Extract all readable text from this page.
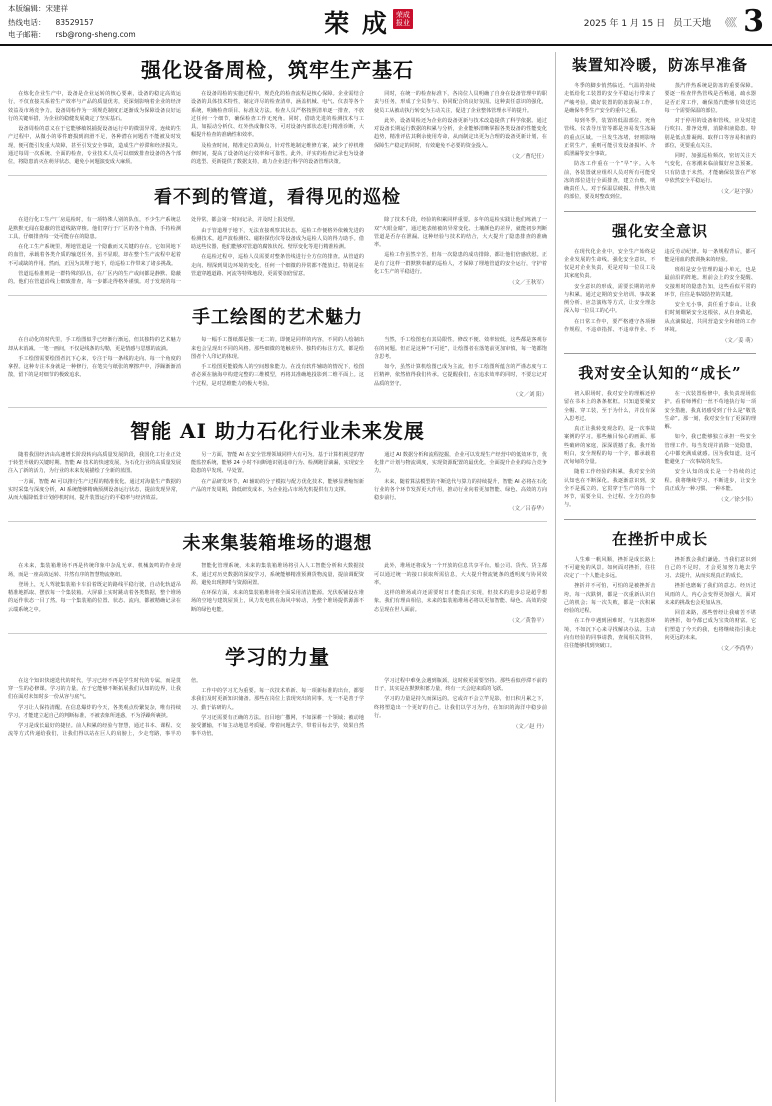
本版编辑：宋建祥
热线电话： 83529157
电子邮箱： rsb@rong-sheng.com	荣 成 荣成
报业	2025 年 1 月 15 日 员工天地 《《《 3
强化设备周检，筑牢生产基石

在炼化企业生产中，设备是企业运转的核心要素，设备的稳定高效运行，不仅直接关系着生产效率与产品的质量优劣，更深刻影响着企业的经济效益及市场竞争力。设备周检作为一项规范制度正逐渐成为保障设备良好运行的关键举措，为企业的稳健发展奠定了坚实基石。

设备周检的意义在于它能够敏锐捕捉设备运行中的微弱异常。连续的生产过程中，从微小的零件磨损到润滑不足，各种潜在问题若不能被及时发现，便可能引发重大故障，甚至引发安全事故，造成生产停滞和经济损失。通过每周一次系统、全面的检查，专业技术人员可以细致排查设备的各个部位，将隐患消灭在萌芽状态，避免小问题演变成大麻烦。

在设备周检的实施过程中，规范化的检查流程是核心保障。企业需结合设备的具体技术特性，制定详尽的检查清单，涵盖机械、电气、仪表等各个系统，明确检查项目、标准及方法。检查人员严格按照清单逐一排查，不放过任何一个细节，确保检查工作无死角。同时，借助先进的检测技术与工具，如振动分析仪、红外热成像仪等，可对设备内部状态进行精准诊断，大幅提升检查的准确性和效率。

及检查时间，精准定位故障点，针对性地制定维修方案，减少了停机维修时间，提高了设备的运行效率和可靠性。此外，详实的检查记录也为设备的选型、更新提供了数据支持，助力企业进行科学的设备管理决策。

同时，在统一的检查标准下，各岗位人员明确了自身在设备管理中的职责与任务，形成了全员参与、协同配合的良好氛围。这种责任意识的强化，使员工从被动执行转变为主动关注，促进了企业整体管理水平的提升。

此外，设备周检还为企业的设备更新与技术改造提供了科学依据。通过对设备长期运行数据的积累与分析，企业能够清晰掌握各类设备的性能变化趋势，精准评估其剩余使用寿命，从而制定出更为合理的设备更新计划，在保障生产稳定的同时，有效避免不必要的资金投入。

（文／曹纪任）

看不到的管道，看得见的巡检

在进行化工生产厂房巡检时，有一项特殊人别的队伍，不少生产系统总是默默无闻在隐蔽的管道线路穿梭。他们穿行于厂区的各个角落，手持检测工具，仔细排查每一处可能存在的隐患。

在化工生产系统里，埋地管道是一个隐蔽而又关键的存在。它如同地下的血管，承载着各类介质的输送任务，虽不显眼，却在整个生产流程中起着不可或缺的作用。然而，正因为其埋于地下，给巡检工作带来了诸多挑战。

管道巡检准则是一群特殊的队伍，在厂区内的生产或间都是静默、隐蔽的。他们在管道沿线上细致排查，每一步都走得格外谨慎。对于发现的每一处异常，都会第一时间记录，并及时上报处理。

由于管道埋于地下，无法直接观察其状态，巡检工作便格外依赖先进的检测技术。超声波检测仪、磁粉探伤仪等设备成为巡检人员的得力助手。借助这些仪器，他们能够对管道的腐蚀状况、壁厚变化等进行精准检测。

在巡检过程中，巡检人员需要对整条管线进行全方位的排查。从管道的走向、埋深到周边环境的变化，任何一个细微的异常都不能放过。特别是在管道穿越道路、河流等特殊地段，更需要加倍留意。

除了技术手段，经验的积累同样重要。多年的巡检实践让他们练就了一双“火眼金睛”，通过地表植被的异常变化、土壤颜色的差异，就能初步判断管道是否存在泄漏。这种经验与技术的结合，大大提升了隐患排查的准确率。

巡检工作虽然辛苦，但每一次隐患的成功排除，都让他们倍感欣慰。正是有了这样一群默默奉献的巡检人，才保障了埋地管道的安全运行，守护着化工生产的平稳进行。

（文／王秋军）

手工绘图的艺术魅力

在自动化的时代里，手工绘图似乎已经渐行渐远，但其独特的艺术魅力却从未消减。一笔一画间，不仅是线条的勾勒，更是情感与思想的流淌。

手工绘图需要绘图者沉下心来，专注于每一条线的走向、每一个角度的拿捏。这种专注本身就是一种修行，在笔尖与纸张的摩擦声中，浮躁渐渐消散，留下的是对细节的极致追求。

每一幅手工图纸都是独一无二的。即便是同样的内容，不同的人绘制出来也会呈现出不同的风格。那些细微的笔触差异、独特的标注方式，都是绘图者个人印记的体现。

手工绘图更能锻炼人的空间想象能力。在没有软件辅助的情况下，绘图者必须在脑海中构建完整的三维模型，再将其准确地投影到二维平面上。这个过程，是对思维能力的极大考验。

当然，手工绘图也有其局限性。修改不便、效率较低，这些都是客观存在的问题。但正是这种“不可逆”，让绘图者在落笔前更加审慎，每一笔都饱含思考。

如今，虽然计算机绘图已成为主流，但手工绘图所蕴含的严谨态度与工匠精神，依然值得我们传承。它提醒我们，在追求效率的同时，不要忘记对品质的坚守。

（文／刘 阳）

智能 AI 助力石化行业未来发展

随着我国经济由高速增长阶段转向高质量发展阶段，我国化工行业正处于转型升级的关键时期。智能 AI 技术的快速发展，为石化行业的高质量发展注入了新的活力，为行业的未来发展描绘了全新的蓝图。

一方面，智能 AI 可以推行生产过程的精准优化。通过对海量生产数据的实时采集与深度分析，AI 系统能够精确预测设备运行状态，提前发现异常，从而大幅降低非计划停机时间，提升装置运行的平稳率与经济效益。

另一方面，智能 AI 在安全管理领域同样大有可为。基于计算机视觉的智能监控系统，能够 24 小时不间断地识别违章行为、检测跑冒滴漏，实现安全隐患的早发现、早处置。

在产品研发环节，AI 辅助的分子模拟与配方优化技术，能够显著缩短新产品的开发周期，降低研发成本，为企业抢占市场先机提供有力支撑。

通过 AI 数据分析和流程挖掘，企业可以发现生产经营中的低效环节，优化排产计划与物流调度，实现资源配置的最优化，全面提升企业的综合竞争力。

未来，随着算法模型的不断迭代与算力的持续提升，智能 AI 必将在石化行业的各个环节发挥更大作用，推动行业向着更加智能、绿色、高效的方向稳步前行。

（文／吕春华）

未来集装箱堆场的遐想

在未来，集装箱堆场不再是传统印象中杂乱无章、机械轰鸣的作业现场，而是一座高效运转、井然有序的智慧物流枢纽。

登场上，无人驾驶集装箱卡车沿着既定的路线平稳行驶，自动化轨道吊精准地抓取、摆放每一个集装箱。大屏幕上实时跳动着各类数据，整个堆场的运作状态一目了然。每一个集装箱的位置、状态、流向，都被精确记录在云端系统之中。

智能化管理系统，未来的集装箱堆场将引入人工智能分析和大数据技术，通过对历史数据的深度学习，系统能够精准预测货物流量，提前调配资源，避免出现拥堵与资源闲置。

在环保方面，未来的集装箱堆场将全面采用清洁能源。光伏板铺设在堆场的空地与建筑屋顶上，风力发电机在海风中转动，为整个堆场提供源源不断的绿色电能。

此外，堆场还将成为一个开放的信息共享平台。船公司、货代、货主都可以通过统一的接口获取所需信息，大大提升物流链条的透明度与协同效率。

这样的堆场或许还需要时日才能真正实现，但技术的进步总是超乎想象。我们有理由相信，未来的集装箱堆场必将以更加智能、绿色、高效的姿态呈现在世人面前。

（文／黄鲁平）

学习的力量

在这个知识快速迭代的时代，学习已经不再是学生时代的专属，而是贯穿一生的必修课。学习的力量，在于它能够不断拓展我们认知的边界，让我们在面对未知时多一份从容与底气。

学习让人保持清醒。在信息爆炸的今天，各类观点纷繁复杂，唯有持续学习，才能建立起自己的判断标准，不被表象所迷惑，不为浮躁所裹挟。

学习是成长最好的捷径。前人积累的经验与智慧，通过书本、课程、交流等方式传递给我们，让我们得以站在巨人的肩膀上，少走弯路，事半功倍。

工作中的学习尤为重要。每一次技术革新、每一项新标准的出台，都要求我们及时更新知识储备。那些在岗位上表现突出的同事，无一不是善于学习、勤于钻研的人。

学习还需要有正确的方法。盲目地广撒网，不如深耕一个领域；被动地接受灌输，不如主动地思考质疑。带着问题去学，带着目标去学，效果自然事半功倍。

学习过程中难免会遇到瓶颈，这时候更需要坚持。那些看似停滞不前的日子，其实是在默默积蓄力量，终有一天会迎来质的飞跃。

学习的力量是持久而深远的。它或许不会立竿见影，但日积月累之下，终将塑造出一个更好的自己。让我们以学习为舟，在知识的海洋中稳步前行。

（文／赵 丹）

装置知冷暖，防冻早准备

冬季的脚步悄然临近，气温的持续走低给化工装置的安全平稳运行带来了严峻考验。做好装置的防冻防凝工作，是确保冬季生产安全的重中之重。

每到冬季，装置的低温部位、死角管线、仪表导压管等都是容易发生冻凝的重点区域。一旦发生冻堵，轻则影响正常生产，重则可能引发设备损坏、介质泄漏等安全事故。

防冻工作重在一个“早”字。入冬前，各装置就应组织人员对所有可能受冻的部位进行全面排查，建立台账，明确责任人。对于保温层破损、伴热失效的部位，要及时整改到位。

蒸汽伴热系统是防冻的重要保障。要逐一检查伴热管线是否畅通，疏水器是否正常工作，确保蒸汽能够有效送达每一个需要保温的部位。

对于停用的设备和管线，应及时进行吹扫、排净处理，消除积液隐患。特别是低点排凝阀、取样口等容易积液的部位，更要重点关注。

同时，加强巡检频次，密切关注天气变化，在寒潮来临前做好应急预案。只有防患于未然，才能确保装置在严寒中依然安全平稳运行。

（文／赵宇强）

强化安全意识

在现代化企业中，安全生产始终是企业发展的生命线。强化安全意识，不仅是对企业负责，更是对每一位员工及其家庭负责。

安全意识的形成，需要长期的培养与积累。通过定期的安全培训、事故案例分析、应急演练等方式，让安全理念深入每一位员工的心中。

在日常工作中，要严格遵守各项操作规程，不违章指挥、不违章作业、不违反劳动纪律。每一条规程背后，都可能是用血的教训换来的经验。

班组是安全管理的最小单元，也是最前沿的阵地。班前会上的安全提醒、交接班时的隐患告知，这些看似平常的环节，往往是事故防控的关键。

安全无小事，责任重于泰山。让我们时刻绷紧安全这根弦，从自身做起，从点滴做起，共同营造安全和谐的工作环境。

（文／姜 萌）

我对安全认知的“成长”

初入职场时，我对安全的理解还停留在书本上的条条框框。只知道要戴安全帽、穿工装，至于为什么，并没有深入思考过。

真正让我转变观念的，是一次事故案例的学习。那些触目惊心的画面、那些破碎的家庭，深深震撼了我。我开始明白，安全规程的每一个字，都承载着沉甸甸的分量。

随着工作经验的积累，我对安全的认知也在不断深化。我逐渐意识到，安全不是孤立的，它贯穿于生产的每一个环节，需要全员、全过程、全方位的参与。

在一次装置检修中，我负责现场监护。看着师傅们一丝不苟地执行每一项安全措施，我真切感受到了什么是“敬畏生命”。那一刻，我对安全有了更深的理解。

如今，我已能够独立承担一些安全管理工作。每当发现并消除一处隐患，心中都充满成就感。因为我知道，这可能避免了一次事故的发生。

安全认知的成长是一个持续的过程。我将继续学习、不断进步，让安全真正成为一种习惯、一种本能。

（文／徐少伟）

在挫折中成长

人生难一帆风顺，挫折是成长路上不可避免的风景。如何面对挫折，往往决定了一个人能走多远。

挫折并不可怕，可怕的是被挫折击垮。每一次跌倒，都是一次重新认识自己的机会；每一次失败，都是一次积累经验的过程。

在工作中遇到困难时，与其抱怨环境，不如沉下心来寻找解决办法。主动向有经验的同事请教，查阅相关资料，往往能够找到突破口。

挫折教会我们谦逊。当我们意识到自己的不足时，才会更加努力地去学习、去提升，从而实现真正的成长。

挫折也磨砺了我们的意志。经历过风雨的人，内心会变得更加强大，面对未来的挑战也会更加从容。

回首来路，那些曾经让我痛苦不堪的挫折，如今都已成为宝贵的财富。它们塑造了今天的我，也将继续指引我走向更远的未来。

（文／李尚华）
